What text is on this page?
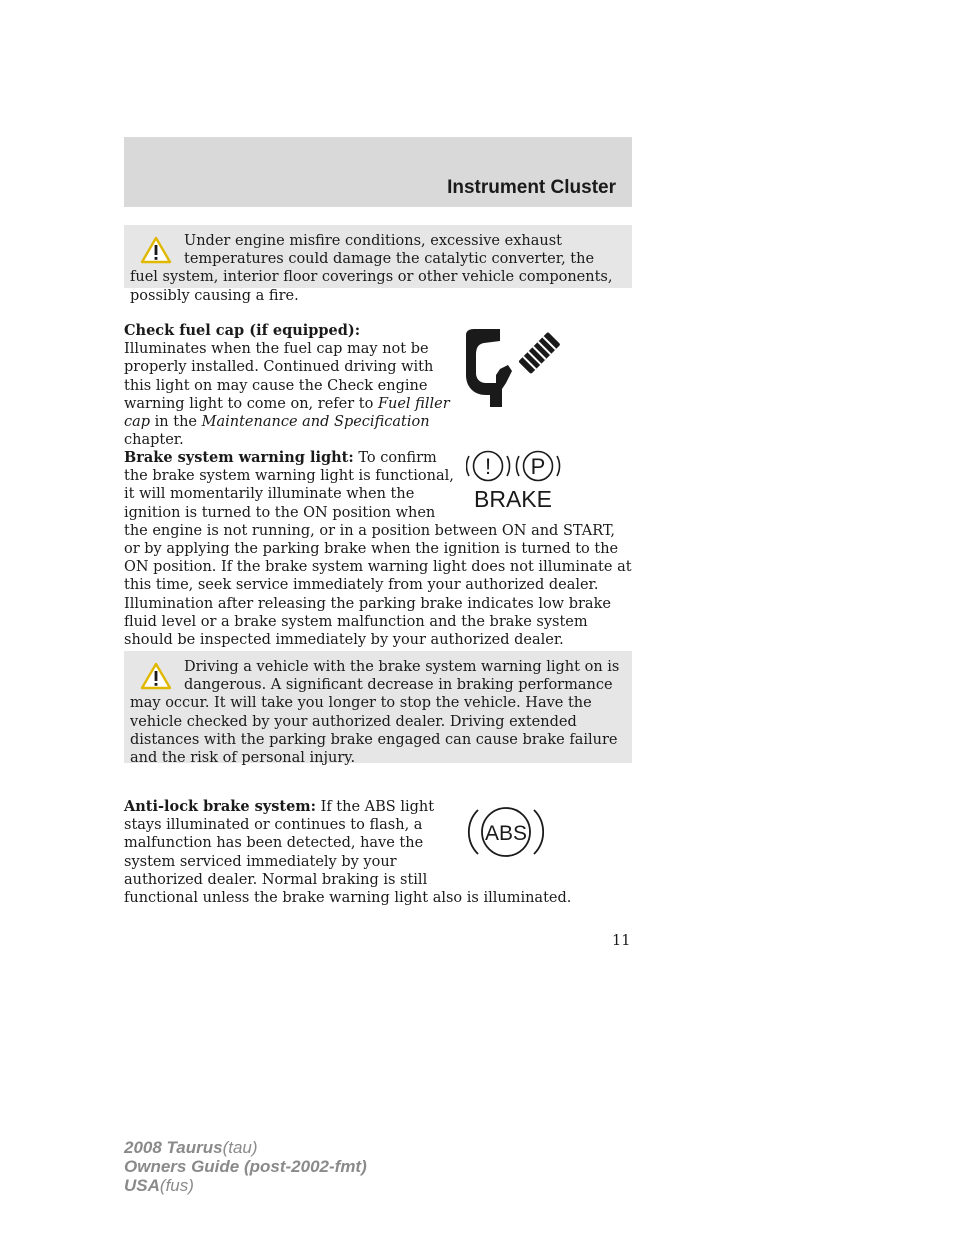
Instrument Cluster
Under engine misfire conditions, excessive exhaust temperatures could damage the catalytic converter, the fuel system, interior floor coverings or other vehicle components, possibly causing a fire.
Check fuel cap (if equipped):
Illuminates when the fuel cap may not be properly installed. Continued driving with this light on may cause the Check engine warning light to come on, refer to Fuel filler cap in the Maintenance and Specification chapter.
! P
BRAKE
Brake system warning light: To confirm the brake system warning light is functional, it will momentarily illuminate when the ignition is turned to the ON position when the engine is not running, or in a position between ON and START, or by applying the parking brake when the ignition is turned to the ON position. If the brake system warning light does not illuminate at this time, seek service immediately from your authorized dealer. Illumination after releasing the parking brake indicates low brake fluid level or a brake system malfunction and the brake system should be inspected immediately by your authorized dealer.
Driving a vehicle with the brake system warning light on is dangerous. A significant decrease in braking performance may occur. It will take you longer to stop the vehicle. Have the vehicle checked by your authorized dealer. Driving extended distances with the parking brake engaged can cause brake failure and the risk of personal injury.
ABS
Anti-lock brake system: If the ABS light stays illuminated or continues to flash, a malfunction has been detected, have the system serviced immediately by your authorized dealer. Normal braking is still functional unless the brake warning light also is illuminated.
11
2008 Taurus(tau)
Owners Guide (post-2002-fmt)
USA(fus)
